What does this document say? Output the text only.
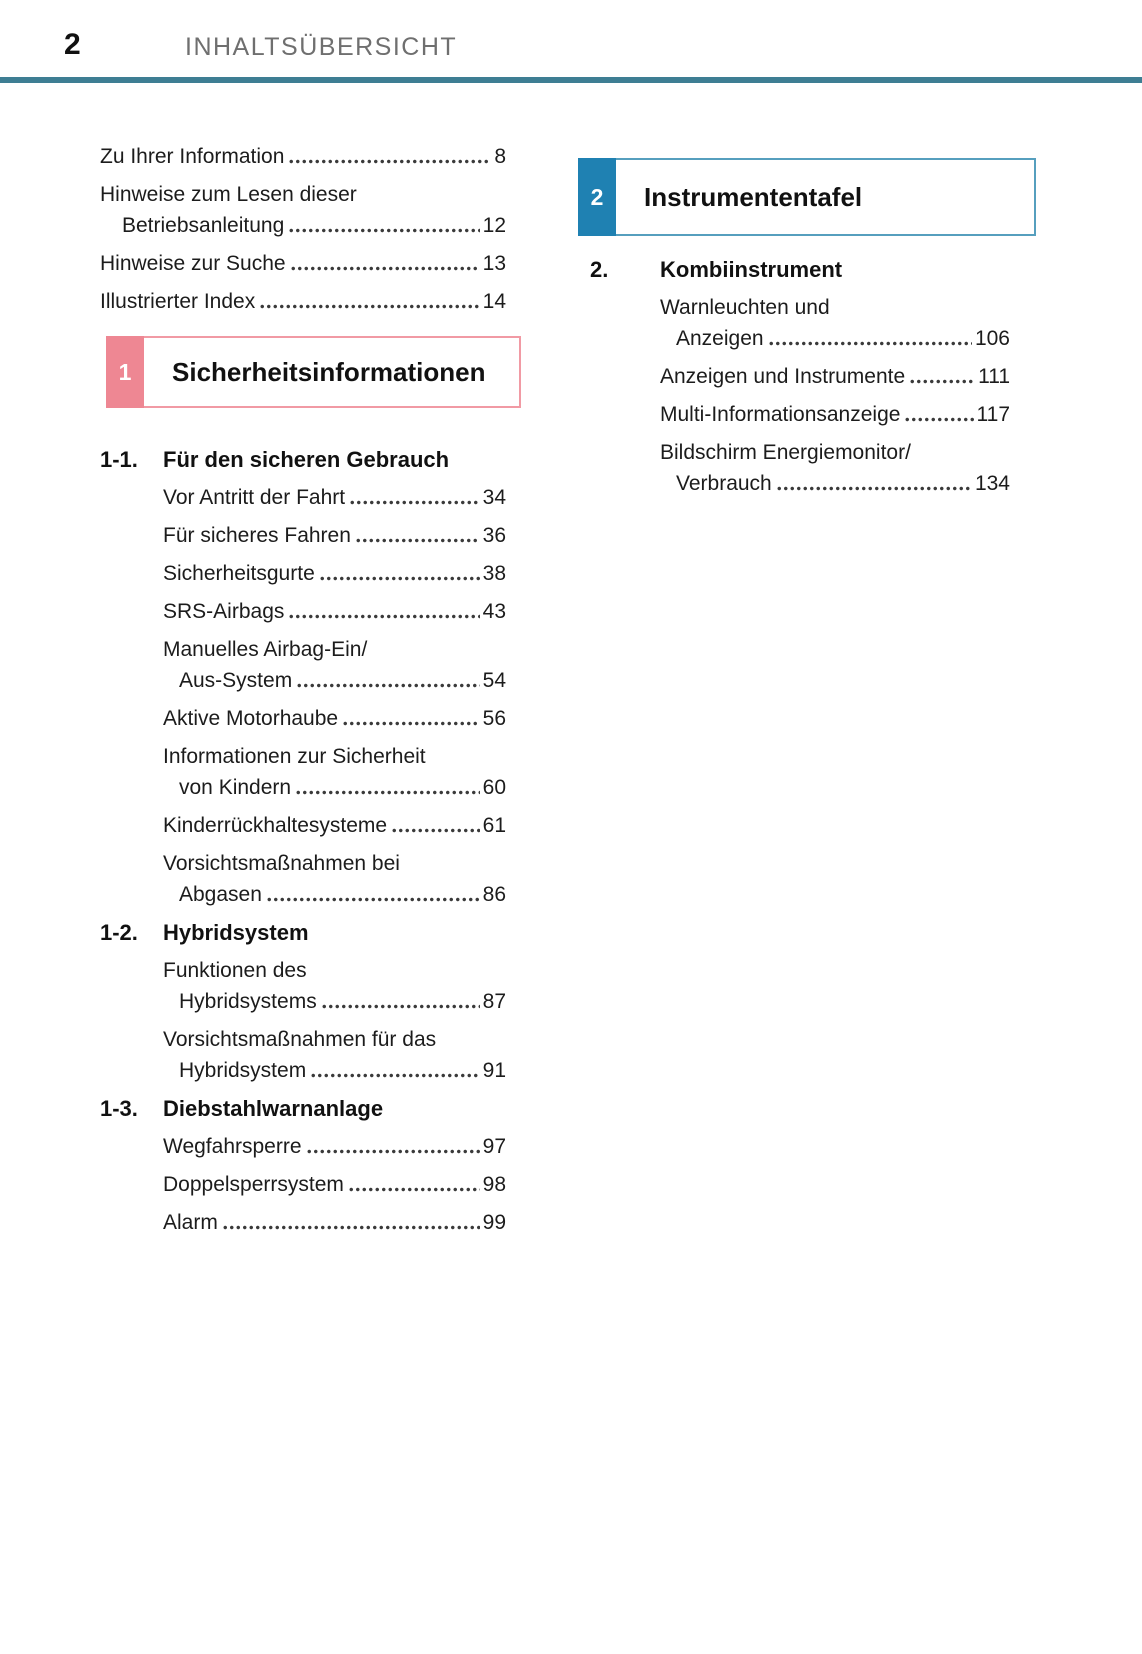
2	INHALTSÜBERSICHT
Zu Ihrer Information	8
Hinweise zum Lesen dieser
Betriebsanleitung	12
Hinweise zur Suche	13
Illustrierter Index	14
1	Sicherheitsinformationen
2	Instrumententafel
1-1.	Für den sicheren Gebrauch
Vor Antritt der Fahrt	34
Für sicheres Fahren	36
Sicherheitsgurte	38
SRS-Airbags	43
Manuelles Airbag-Ein/
Aus-System	54
Aktive Motorhaube	56
Informationen zur Sicherheit
von Kindern	60
Kinderrückhaltesysteme	61
Vorsichtsmaßnahmen bei
Abgasen	86
1-2.	Hybridsystem
Funktionen des
Hybridsystems	87
Vorsichtsmaßnahmen für das
Hybridsystem	91
1-3.	Diebstahlwarnanlage
Wegfahrsperre	97
Doppelsperrsystem	98
Alarm	99
2.	Kombiinstrument
Warnleuchten und
Anzeigen	106
Anzeigen und Instrumente	111
Multi-Informationsanzeige	117
Bildschirm Energiemonitor/
Verbrauch	134
